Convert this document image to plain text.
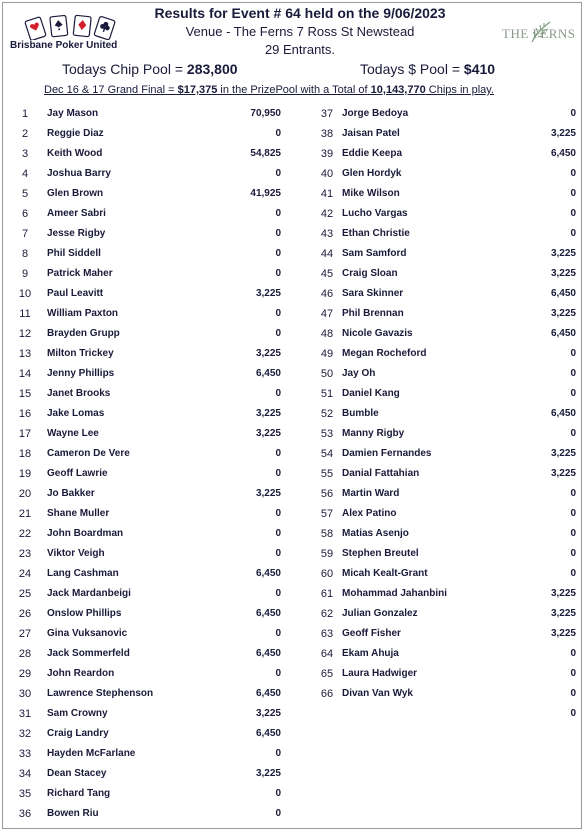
Brisbane Poker United
THE FERNS
Results for Event # 64 held on the 9/06/2023
Venue - The Ferns 7 Ross St Newstead
29 Entrants.
Todays Chip Pool = 283,800	Todays $ Pool = $410
Dec 16 & 17 Grand Final = $17,375 in the PrizePool with a Total of 10,143,770 Chips in play.
1	Jay Mason	70,950
2	Reggie Diaz	0
3	Keith Wood	54,825
4	Joshua Barry	0
5	Glen Brown	41,925
6	Ameer Sabri	0
7	Jesse Rigby	0
8	Phil Siddell	0
9	Patrick Maher	0
10	Paul Leavitt	3,225
11	William Paxton	0
12	Brayden Grupp	0
13	Milton Trickey	3,225
14	Jenny Phillips	6,450
15	Janet Brooks	0
16	Jake Lomas	3,225
17	Wayne Lee	3,225
18	Cameron De Vere	0
19	Geoff Lawrie	0
20	Jo Bakker	3,225
21	Shane Muller	0
22	John Boardman	0
23	Viktor Veigh	0
24	Lang Cashman	6,450
25	Jack Mardanbeigi	0
26	Onslow Phillips	6,450
27	Gina Vuksanovic	0
28	Jack Sommerfeld	6,450
29	John Reardon	0
30	Lawrence Stephenson	6,450
31	Sam Crowny	3,225
32	Craig Landry	6,450
33	Hayden McFarlane	0
34	Dean Stacey	3,225
35	Richard Tang	0
36	Bowen Riu	0
37 Jorge Bedoya	0
38 Jaisan Patel	3,225
39 Eddie Keepa	6,450
40 Glen Hordyk	0
41 Mike Wilson	0
42 Lucho Vargas	0
43 Ethan Christie	0
44 Sam Samford	3,225
45 Craig Sloan	3,225
46 Sara Skinner	6,450
47 Phil Brennan	3,225
48 Nicole Gavazis	6,450
49 Megan Rocheford	0
50 Jay Oh	0
51 Daniel Kang	0
52 Bumble	6,450
53 Manny Rigby	0
54 Damien Fernandes	3,225
55 Danial Fattahian	3,225
56 Martin Ward	0
57 Alex Patino	0
58 Matias Asenjo	0
59 Stephen Breutel	0
60 Micah Kealt-Grant	0
61 Mohammad Jahanbini	3,225
62 Julian Gonzalez	3,225
63 Geoff Fisher	3,225
64 Ekam Ahuja	0
65 Laura Hadwiger	0
66 Divan Van Wyk	0
0
